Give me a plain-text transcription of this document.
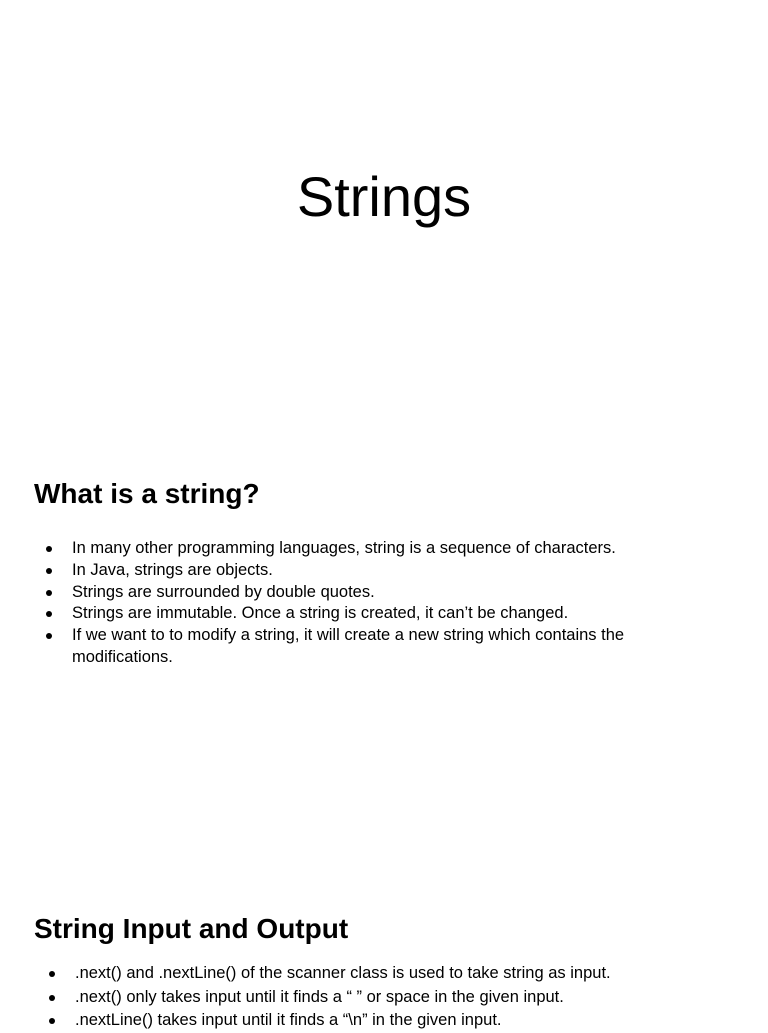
Strings
What is a string?
In many other programming languages, string is a sequence of characters.
In Java, strings are objects.
Strings are surrounded by double quotes.
Strings are immutable. Once a string is created, it can’t be changed.
If we want to to modify a string, it will create a new string which contains the modifications.
String Input and Output
.next() and .nextLine() of the scanner class is used to take string as input.
.next() only takes input until it finds a “ ” or space in the given input.
.nextLine() takes input until it finds a “\n” in the given input.
